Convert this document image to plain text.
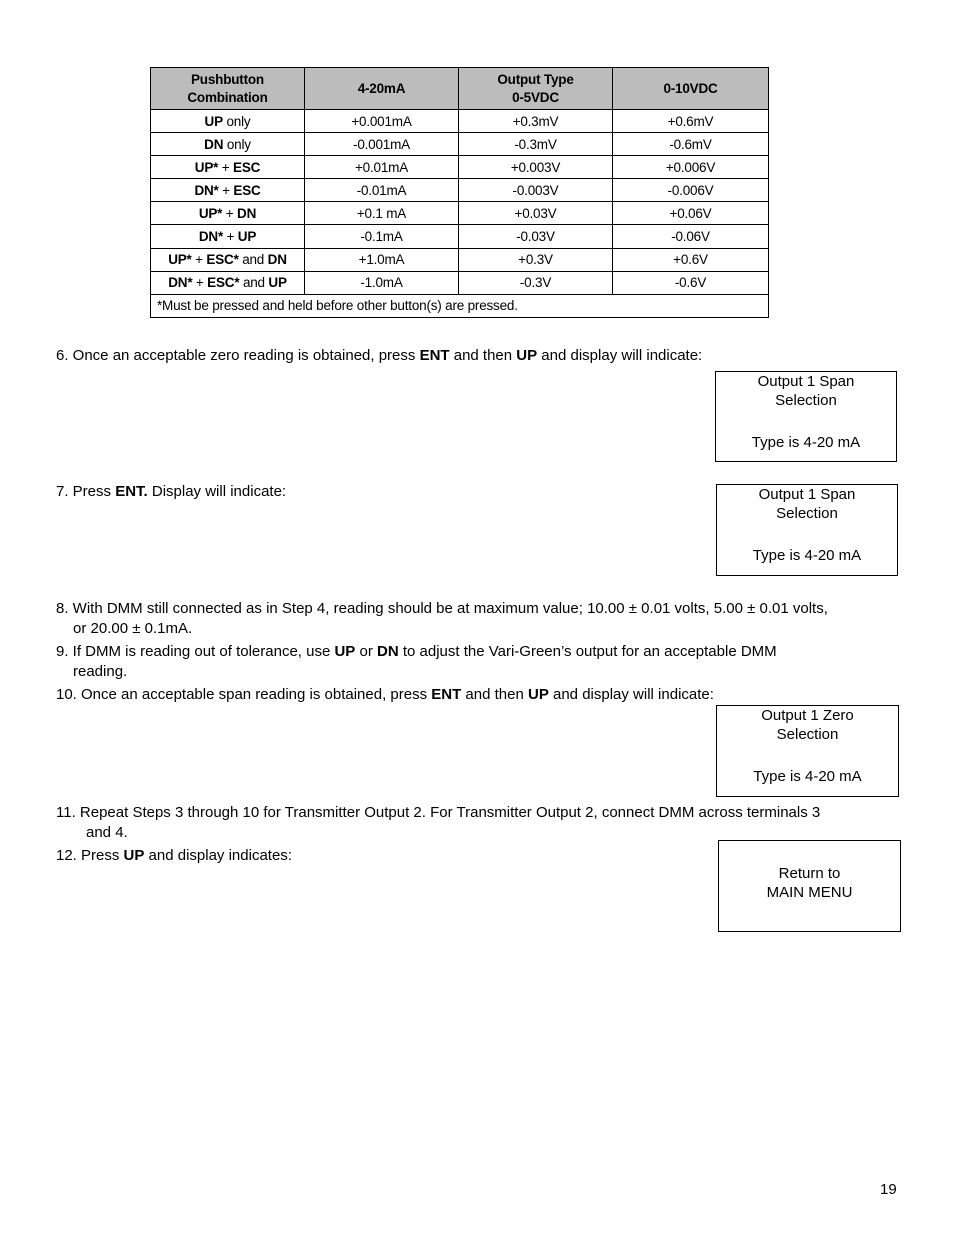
Pushbutton Combination	4-20mA	Output Type 0-5VDC	0-10VDC
UP only	+0.001mA	+0.3mV	+0.6mV
DN only	-0.001mA	-0.3mV	-0.6mV
UP* + ESC	+0.01mA	+0.003V	+0.006V
DN* + ESC	-0.01mA	-0.003V	-0.006V
UP* + DN	+0.1 mA	+0.03V	+0.06V
DN* + UP	-0.1mA	-0.03V	-0.06V
UP* + ESC* and DN	+1.0mA	+0.3V	+0.6V
DN* + ESC* and UP	-1.0mA	-0.3V	-0.6V
*Must be pressed and held before other button(s) are pressed.			

6. Once an acceptable zero reading is obtained, press ENT and then UP and display will indicate:

Output 1 Span
Selection
Type is 4-20 mA

7. Press ENT. Display will indicate:	Output 1 Span
Selection
Type is 4-20 mA

8. With DMM still connected as in Step 4, reading should be at maximum value; 10.00 ± 0.01 volts, 5.00 ± 0.01 volts,
or 20.00 ± 0.1mA.

9. If DMM is reading out of tolerance, use UP or DN to adjust the Vari-Green’s output for an acceptable DMM
reading.

10. Once an acceptable span reading is obtained, press ENT and then UP and display will indicate:

Output 1 Zero
Selection
Type is 4-20 mA

11. Repeat Steps 3 through 10 for Transmitter Output 2. For Transmitter Output 2, connect DMM across terminals 3
and 4.

12. Press UP and display indicates:

Return to
MAIN MENU
19
